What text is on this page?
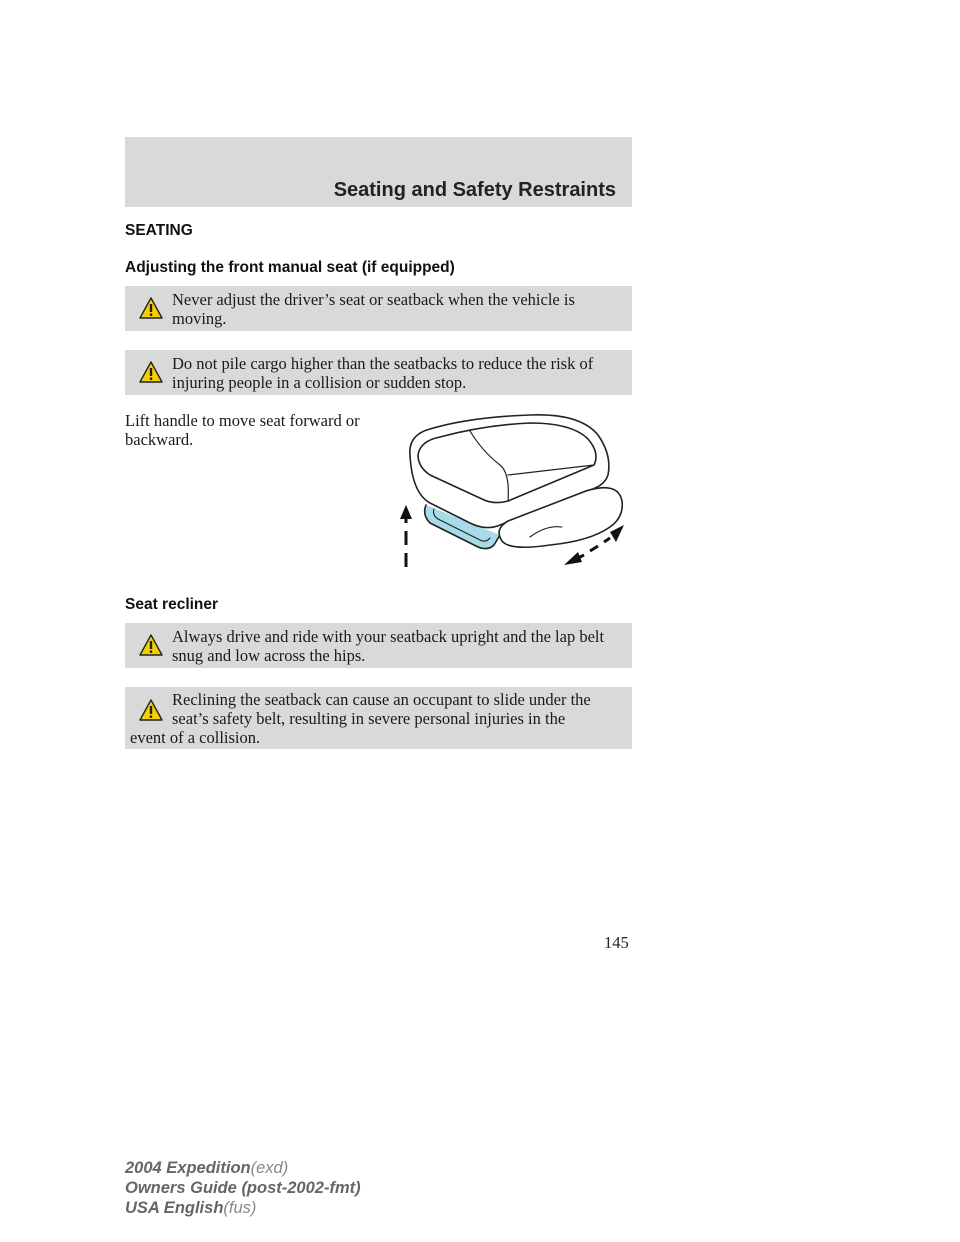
Seating and Safety Restraints
SEATING
Adjusting the front manual seat (if equipped)
Never adjust the driver’s seat or seatback when the vehicle is moving.
Do not pile cargo higher than the seatbacks to reduce the risk of injuring people in a collision or sudden stop.
Lift handle to move seat forward or backward.
Seat recliner
Always drive and ride with your seatback upright and the lap belt snug and low across the hips.
Reclining the seatback can cause an occupant to slide under the
seat’s safety belt, resulting in severe personal injuries in the
event of a collision.
145
2004 Expedition(exd)
Owners Guide (post-2002-fmt)
USA English(fus)
